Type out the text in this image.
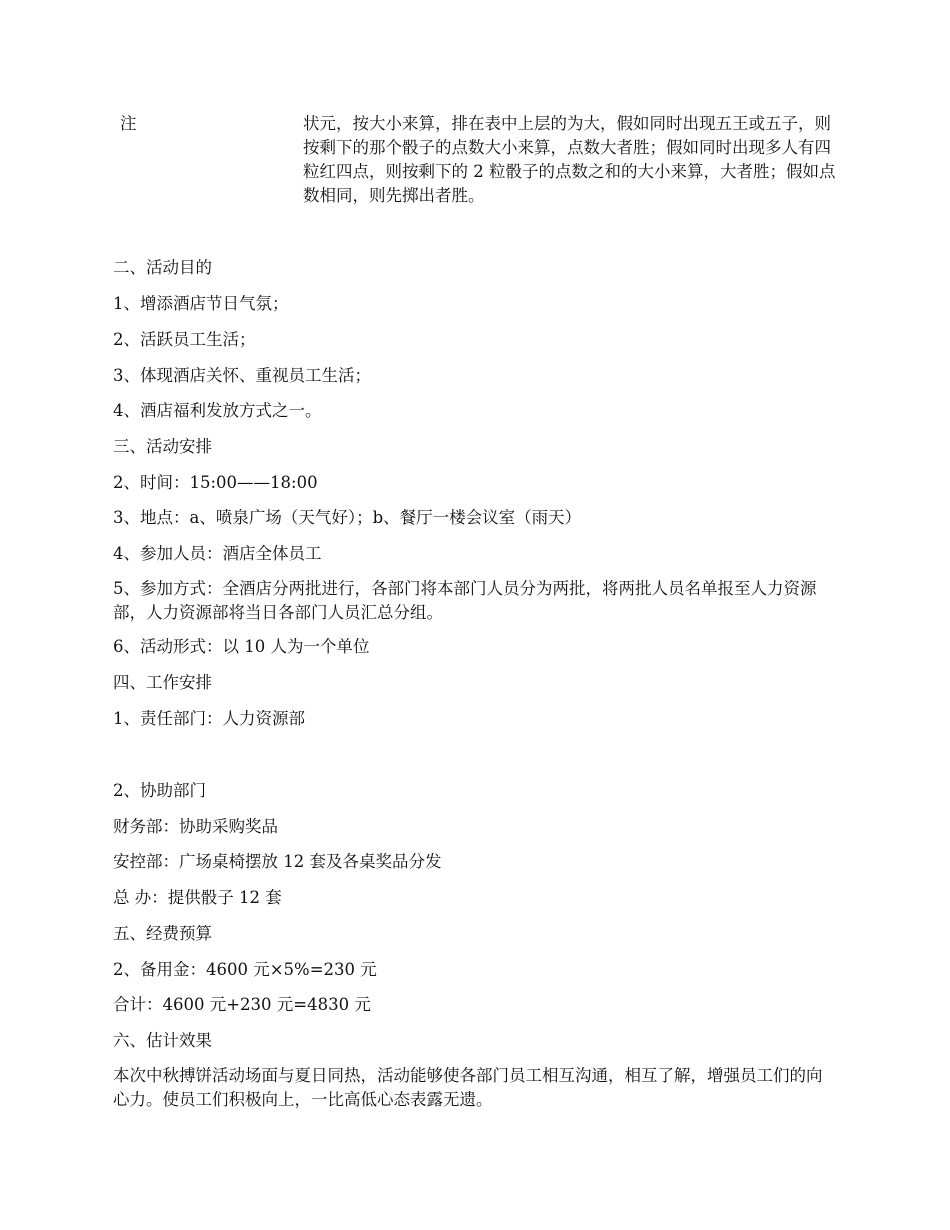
注	状元，按大小来算，排在表中上层的为大，假如同时出现五王或五子，则按剩下的那个骰子的点数大小来算，点数大者胜；假如同时出现多人有四粒红四点，则按剩下的 2 粒骰子的点数之和的大小来算，大者胜；假如点数相同，则先掷出者胜。
二、活动目的
1、增添酒店节日气氛；
2、活跃员工生活；
3、体现酒店关怀、重视员工生活；
4、酒店福利发放方式之一。
三、活动安排
2、时间：15:00——18:00
3、地点：a、喷泉广场（天气好）；b、餐厅一楼会议室（雨天）
4、参加人员：酒店全体员工
5、参加方式：全酒店分两批进行，各部门将本部门人员分为两批，将两批人员名单报至人力资源部，人力资源部将当日各部门人员汇总分组。
6、活动形式：以 10 人为一个单位
四、工作安排
1、责任部门：人力资源部
2、协助部门
财务部：协助采购奖品
安控部：广场桌椅摆放 12 套及各桌奖品分发
总 办：提供骰子 12 套
五、经费预算
2、备用金：4600 元×5%=230 元
合计：4600 元+230 元=4830 元
六、估计效果
本次中秋搏饼活动场面与夏日同热，活动能够使各部门员工相互沟通，相互了解，增强员工们的向心力。使员工们积极向上，一比高低心态表露无遗。
